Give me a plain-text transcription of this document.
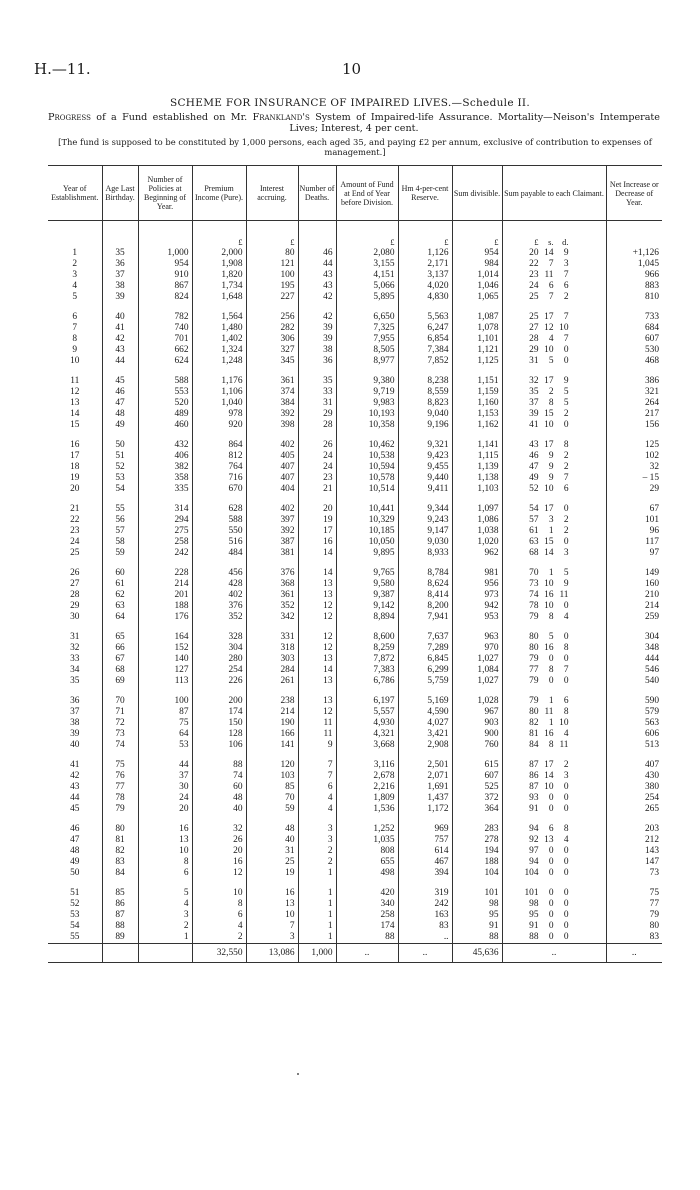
H.—11.	10
SCHEME FOR INSURANCE OF IMPAIRED LIVES.—Schedule II.
Progress of a Fund established on Mr. Frankland's System of Impaired-life Assurance. Mortality—Neison's Intemperate Lives; Interest, 4 per cent.
[The fund is supposed to be constituted by 1,000 persons, each aged 35, and paying £2 per annum, exclusive of contribution to expenses of management.]
Year of Establishment.	Age Last Birthday.	Number of Policies at Beginning of Year.	Premium Income (Pure).	Interest accruing.	Number of Deaths.	Amount of Fund at End of Year before Division.	Hm 4-per-cent Reserve.	Sum divisible.	Sum payable to each Claimant.	Net Increase or Decrease of Year.
			£	£		£	£	£	£ s. d.	
1	35	1,000	2,000	80	46	2,080	1,126	954	20 14 9	+1,126
2	36	954	1,908	121	44	3,155	2,171	984	22 7 3	1,045
3	37	910	1,820	100	43	4,151	3,137	1,014	23 11 7	966
4	38	867	1,734	195	43	5,066	4,020	1,046	24 6 6	883
5	39	824	1,648	227	42	5,895	4,830	1,065	25 7 2	810

6	40	782	1,564	256	42	6,650	5,563	1,087	25 17 7	733
7	41	740	1,480	282	39	7,325	6,247	1,078	27 12 10	684
8	42	701	1,402	306	39	7,955	6,854	1,101	28 4 7	607
9	43	662	1,324	327	38	8,505	7,384	1,121	29 10 0	530
10	44	624	1,248	345	36	8,977	7,852	1,125	31 5 0	468

11	45	588	1,176	361	35	9,380	8,238	1,151	32 17 9	386
12	46	553	1,106	374	33	9,719	8,559	1,159	35 2 5	321
13	47	520	1,040	384	31	9,983	8,823	1,160	37 8 5	264
14	48	489	978	392	29	10,193	9,040	1,153	39 15 2	217
15	49	460	920	398	28	10,358	9,196	1,162	41 10 0	156

16	50	432	864	402	26	10,462	9,321	1,141	43 17 8	125
17	51	406	812	405	24	10,538	9,423	1,115	46 9 2	102
18	52	382	764	407	24	10,594	9,455	1,139	47 9 2	32
19	53	358	716	407	23	10,578	9,440	1,138	49 9 7	– 15
20	54	335	670	404	21	10,514	9,411	1,103	52 10 6	29

21	55	314	628	402	20	10,441	9,344	1,097	54 17 0	67
22	56	294	588	397	19	10,329	9,243	1,086	57 3 2	101
23	57	275	550	392	17	10,185	9,147	1,038	61 1 2	96
24	58	258	516	387	16	10,050	9,030	1,020	63 15 0	117
25	59	242	484	381	14	9,895	8,933	962	68 14 3	97

26	60	228	456	376	14	9,765	8,784	981	70 1 5	149
27	61	214	428	368	13	9,580	8,624	956	73 10 9	160
28	62	201	402	361	13	9,387	8,414	973	74 16 11	210
29	63	188	376	352	12	9,142	8,200	942	78 10 0	214
30	64	176	352	342	12	8,894	7,941	953	79 8 4	259

31	65	164	328	331	12	8,600	7,637	963	80 5 0	304
32	66	152	304	318	12	8,259	7,289	970	80 16 8	348
33	67	140	280	303	13	7,872	6,845	1,027	79 0 0	444
34	68	127	254	284	14	7,383	6,299	1,084	77 8 7	546
35	69	113	226	261	13	6,786	5,759	1,027	79 0 0	540

36	70	100	200	238	13	6,197	5,169	1,028	79 1 6	590
37	71	87	174	214	12	5,557	4,590	967	80 11 8	579
38	72	75	150	190	11	4,930	4,027	903	82 1 10	563
39	73	64	128	166	11	4,321	3,421	900	81 16 4	606
40	74	53	106	141	9	3,668	2,908	760	84 8 11	513

41	75	44	88	120	7	3,116	2,501	615	87 17 2	407
42	76	37	74	103	7	2,678	2,071	607	86 14 3	430
43	77	30	60	85	6	2,216	1,691	525	87 10 0	380
44	78	24	48	70	4	1,809	1,437	372	93 0 0	254
45	79	20	40	59	4	1,536	1,172	364	91 0 0	265

46	80	16	32	48	3	1,252	969	283	94 6 8	203
47	81	13	26	40	3	1,035	757	278	92 13 4	212
48	82	10	20	31	2	808	614	194	97 0 0	143
49	83	8	16	25	2	655	467	188	94 0 0	147
50	84	6	12	19	1	498	394	104	104 0 0	73

51	85	5	10	16	1	420	319	101	101 0 0	75
52	86	4	8	13	1	340	242	98	98 0 0	77
53	87	3	6	10	1	258	163	95	95 0 0	79
54	88	2	4	7	1	174	83	91	91 0 0	80
55	89	1	2	3	1	88	..	88	88 0 0	83
			32,550	13,086	1,000	..	..	45,636	..	..
